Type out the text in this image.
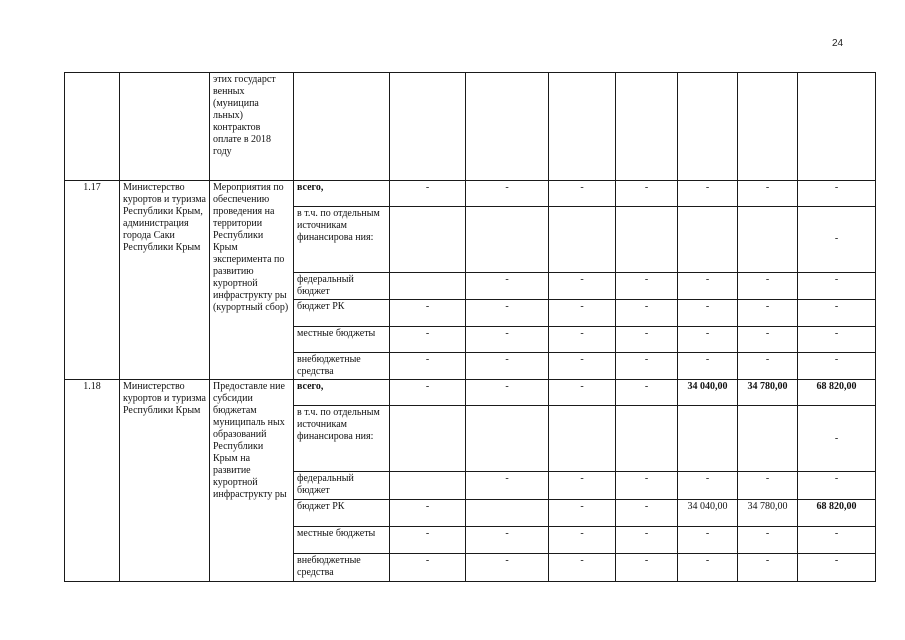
24
		этих государст венных (муниципа льных) контрактов оплате в 2018 году								
1.17	Министерство курортов и туризма Республики Крым, администрация города Саки Республики Крым	Мероприятия по обеспечению проведения на территории Республики Крым эксперимента по развитию курортной инфраструкту ры (курортный сбор)	всего,	-	-	-	-	-	-	-
			в т.ч. по отдельным источникам финансирова ния:							-
			федеральный бюджет		-	-	-	-	-	-
			бюджет РК	-	-	-	-	-	-	-
			местные бюджеты	-	-	-	-	-	-	-
			внебюджетные средства	-	-	-	-	-	-	-
1.18	Министерство курортов и туризма Республики Крым	Предоставле ние субсидии бюджетам муниципаль ных образований Республики Крым на развитие курортной инфраструкту ры	всего,	-	-	-	-	34 040,00	34 780,00	68 820,00
			в т.ч. по отдельным источникам финансирова ния:							-
			федеральный бюджет		-	-	-	-	-	-
			бюджет РК	-		-	-	34 040,00	34 780,00	68 820,00
			местные бюджеты	-	-	-	-	-	-	-
			внебюджетные средства	-	-	-	-	-	-	-
